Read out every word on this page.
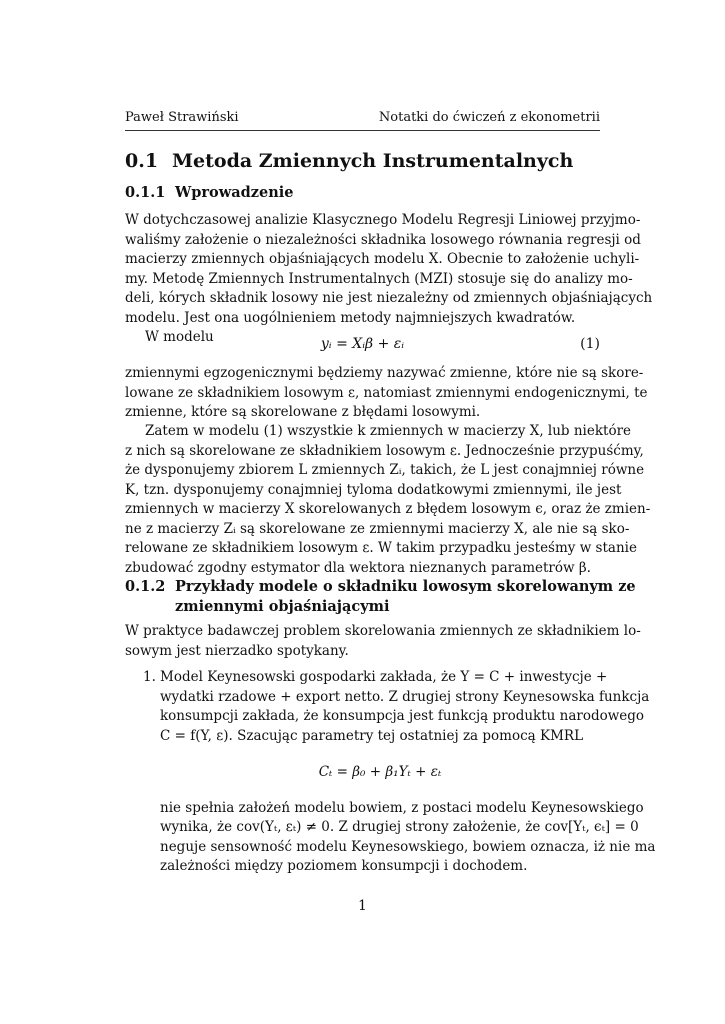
Paweł Strawiński	Notatki do ćwiczeń z ekonometrii
0.1 Metoda Zmiennych Instrumentalnych
0.1.1 Wprowadzenie
W dotychczasowej analizie Klasycznego Modelu Regresji Liniowej przyjmo-
waliśmy założenie o niezależności składnika losowego równania regresji od
macierzy zmiennych objaśniających modelu X. Obecnie to założenie uchyli-
my. Metodę Zmiennych Instrumentalnych (MZI) stosuje się do analizy mo-
deli, kórych składnik losowy nie jest niezależny od zmiennych objaśniających
modelu. Jest ona uogólnieniem metody najmniejszych kwadratów.
W modelu	yᵢ = Xᵢβ + εᵢ	(1)
zmiennymi egzogenicznymi będziemy nazywać zmienne, które nie są skore-
lowane ze składnikiem losowym ε, natomiast zmiennymi endogenicznymi, te
zmienne, które są skorelowane z błędami losowymi.
Zatem w modelu (1) wszystkie k zmiennych w macierzy X, lub niektóre
z nich są skorelowane ze składnikiem losowym ε. Jednocześnie przypuśćmy,
że dysponujemy zbiorem L zmiennych Zᵢ, takich, że L jest conajmniej równe
K, tzn. dysponujemy conajmniej tyloma dodatkowymi zmiennymi, ile jest
zmiennych w macierzy X skorelowanych z błędem losowym ϵ, oraz że zmien-
ne z macierzy Zᵢ są skorelowane ze zmiennymi macierzy X, ale nie są sko-
relowane ze składnikiem losowym ε. W takim przypadku jesteśmy w stanie
zbudować zgodny estymator dla wektora nieznanych parametrów β.
0.1.2 Przykłady modele o składniku lowosym skorelowanym ze
zmiennymi objaśniającymi
W praktyce badawczej problem skorelowania zmiennych ze składnikiem lo-
sowym jest nierzadko spotykany.
1. Model Keynesowski gospodarki zakłada, że Y = C + inwestycje +
wydatki rzadowe + export netto. Z drugiej strony Keynesowska funkcja
konsumpcji zakłada, że konsumpcja jest funkcją produktu narodowego
C = f(Y, ε). Szacując parametry tej ostatniej za pomocą KMRL
Cₜ = β₀ + β₁Yₜ + εₜ
nie spełnia założeń modelu bowiem, z postaci modelu Keynesowskiego
wynika, że cov(Yₜ, εₜ) ≠ 0. Z drugiej strony założenie, że cov[Yₜ, ϵₜ] = 0
neguje sensowność modelu Keynesowskiego, bowiem oznacza, iż nie ma
zależności między poziomem konsumpcji i dochodem.
1
